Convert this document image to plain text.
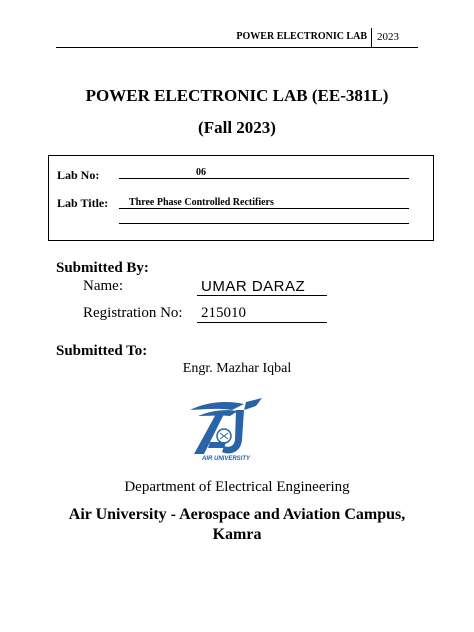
POWER ELECTRONIC LAB 2023
POWER ELECTRONIC LAB (EE-381L)
(Fall 2023)
Lab No:	06
Lab Title: Three Phase Controlled Rectifiers
Submitted By:
Name:	UMAR DARAZ
Registration No: 215010
Submitted To:
Engr. Mazhar Iqbal
AIR UNIVERSITY
Department of Electrical Engineering
Air University - Aerospace and Aviation Campus,
Kamra
